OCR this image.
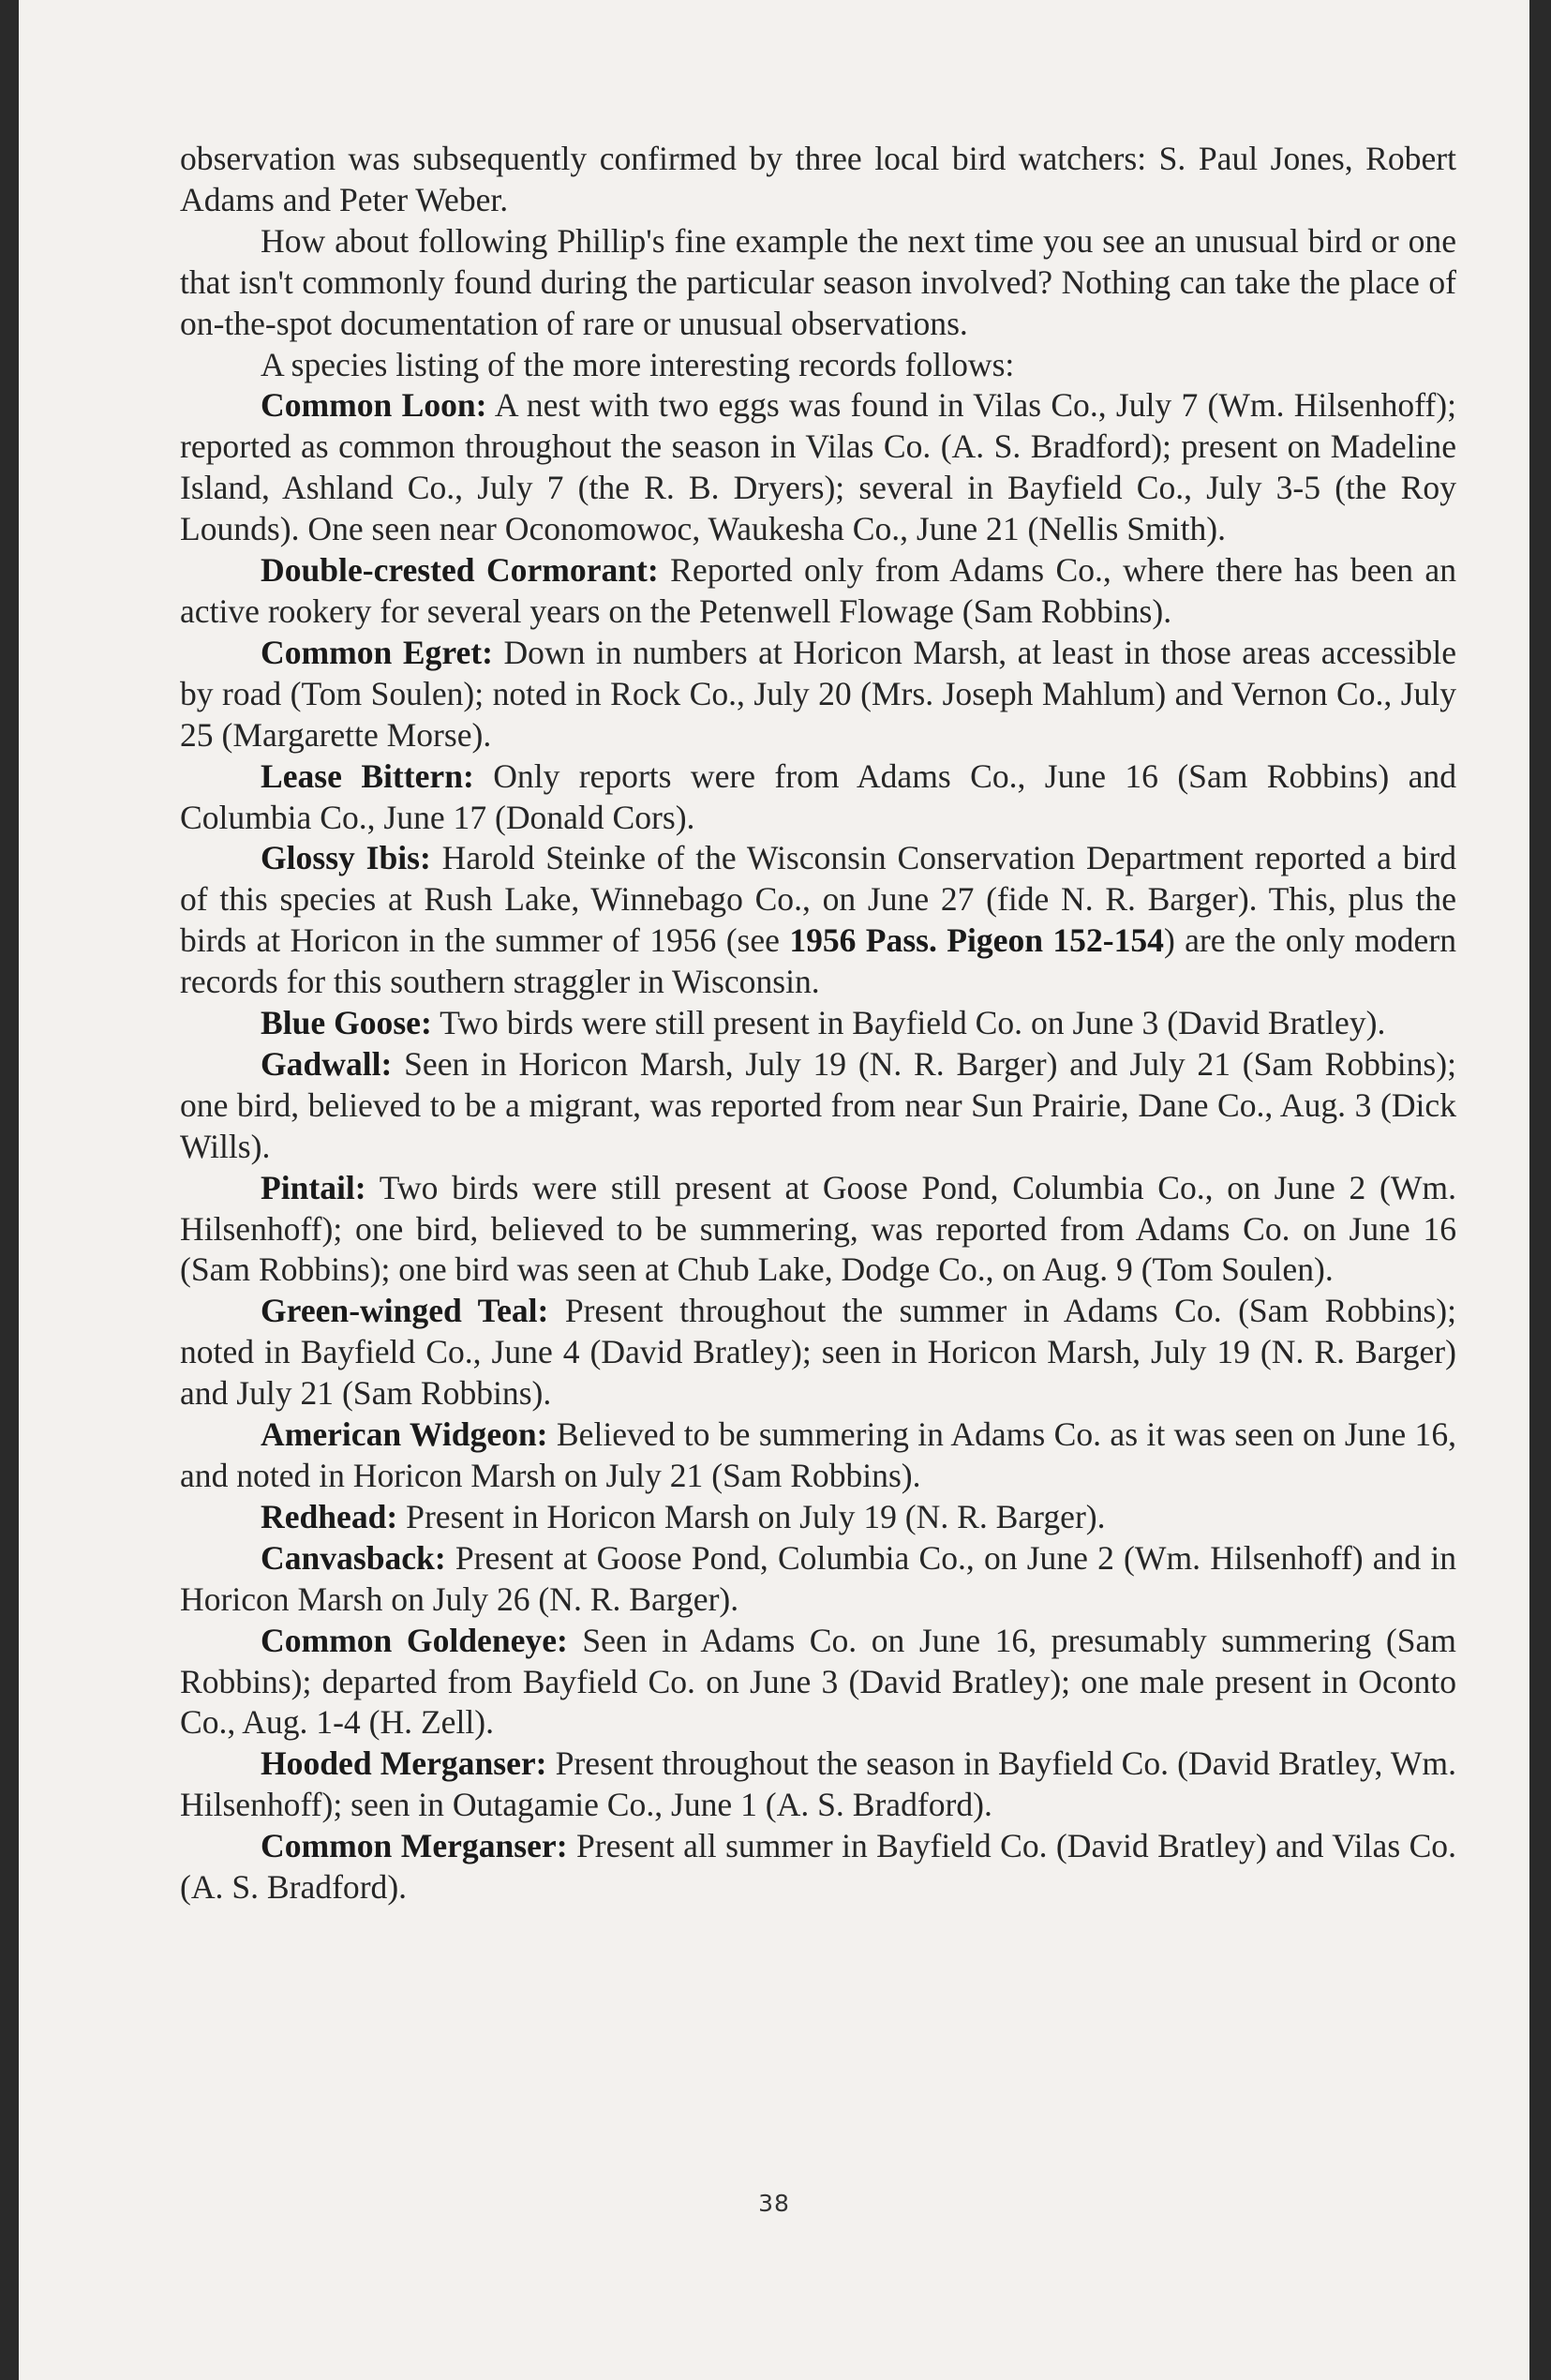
observation was subsequently confirmed by three local bird watchers: S. Paul Jones, Robert Adams and Peter Weber.

How about following Phillip's fine example the next time you see an unusual bird or one that isn't commonly found during the particular season involved? Nothing can take the place of on-the-spot documentation of rare or unusual observations.

A species listing of the more interesting records follows:

Common Loon: A nest with two eggs was found in Vilas Co., July 7 (Wm. Hilsenhoff); reported as common throughout the season in Vilas Co. (A. S. Bradford); present on Madeline Island, Ashland Co., July 7 (the R. B. Dryers); several in Bayfield Co., July 3-5 (the Roy Lounds). One seen near Oconomowoc, Waukesha Co., June 21 (Nellis Smith).

Double-crested Cormorant: Reported only from Adams Co., where there has been an active rookery for several years on the Petenwell Flowage (Sam Robbins).

Common Egret: Down in numbers at Horicon Marsh, at least in those areas accessible by road (Tom Soulen); noted in Rock Co., July 20 (Mrs. Joseph Mahlum) and Vernon Co., July 25 (Margarette Morse).

Lease Bittern: Only reports were from Adams Co., June 16 (Sam Robbins) and Columbia Co., June 17 (Donald Cors).

Glossy Ibis: Harold Steinke of the Wisconsin Conservation Department reported a bird of this species at Rush Lake, Winnebago Co., on June 27 (fide N. R. Barger). This, plus the birds at Horicon in the summer of 1956 (see 1956 Pass. Pigeon 152-154) are the only modern records for this southern straggler in Wisconsin.

Blue Goose: Two birds were still present in Bayfield Co. on June 3 (David Bratley).

Gadwall: Seen in Horicon Marsh, July 19 (N. R. Barger) and July 21 (Sam Robbins); one bird, believed to be a migrant, was reported from near Sun Prairie, Dane Co., Aug. 3 (Dick Wills).

Pintail: Two birds were still present at Goose Pond, Columbia Co., on June 2 (Wm. Hilsenhoff); one bird, believed to be summering, was reported from Adams Co. on June 16 (Sam Robbins); one bird was seen at Chub Lake, Dodge Co., on Aug. 9 (Tom Soulen).

Green-winged Teal: Present throughout the summer in Adams Co. (Sam Robbins); noted in Bayfield Co., June 4 (David Bratley); seen in Horicon Marsh, July 19 (N. R. Barger) and July 21 (Sam Robbins).

American Widgeon: Believed to be summering in Adams Co. as it was seen on June 16, and noted in Horicon Marsh on July 21 (Sam Robbins).

Redhead: Present in Horicon Marsh on July 19 (N. R. Barger).

Canvasback: Present at Goose Pond, Columbia Co., on June 2 (Wm. Hilsenhoff) and in Horicon Marsh on July 26 (N. R. Barger).

Common Goldeneye: Seen in Adams Co. on June 16, presumably summering (Sam Robbins); departed from Bayfield Co. on June 3 (David Bratley); one male present in Oconto Co., Aug. 1-4 (H. Zell).

Hooded Merganser: Present throughout the season in Bayfield Co. (David Bratley, Wm. Hilsenhoff); seen in Outagamie Co., June 1 (A. S. Bradford).

Common Merganser: Present all summer in Bayfield Co. (David Bratley) and Vilas Co. (A. S. Bradford).

38
